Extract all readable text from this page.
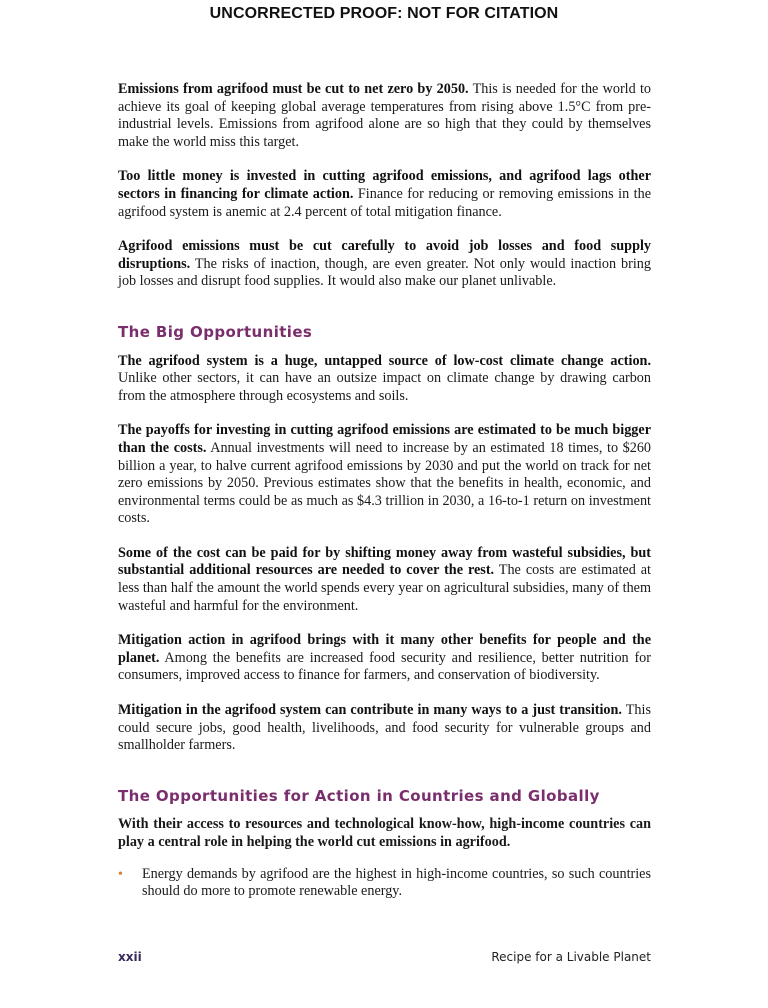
UNCORRECTED PROOF: NOT FOR CITATION

Emissions from agrifood must be cut to net zero by 2050. This is needed for the world to achieve its goal of keeping global average temperatures from rising above 1.5°C from pre-industrial levels. Emissions from agrifood alone are so high that they could by themselves make the world miss this target.

Too little money is invested in cutting agrifood emissions, and agrifood lags other sectors in financing for climate action. Finance for reducing or removing emissions in the agrifood system is anemic at 2.4 percent of total mitigation finance.

Agrifood emissions must be cut carefully to avoid job losses and food supply disruptions. The risks of inaction, though, are even greater. Not only would inaction bring job losses and disrupt food supplies. It would also make our planet unlivable.

The Big Opportunities

The agrifood system is a huge, untapped source of low-cost climate change action. Unlike other sectors, it can have an outsize impact on climate change by drawing carbon from the atmosphere through ecosystems and soils.

The payoffs for investing in cutting agrifood emissions are estimated to be much bigger than the costs. Annual investments will need to increase by an estimated 18 times, to $260 billion a year, to halve current agrifood emissions by 2030 and put the world on track for net zero emissions by 2050. Previous estimates show that the benefits in health, economic, and environmental terms could be as much as $4.3 trillion in 2030, a 16-to-1 return on investment costs.

Some of the cost can be paid for by shifting money away from wasteful subsidies, but substantial additional resources are needed to cover the rest. The costs are estimated at less than half the amount the world spends every year on agricultural subsidies, many of them wasteful and harmful for the environment.

Mitigation action in agrifood brings with it many other benefits for people and the planet. Among the benefits are increased food security and resilience, better nutrition for consumers, improved access to finance for farmers, and conservation of biodiversity.

Mitigation in the agrifood system can contribute in many ways to a just transition. This could secure jobs, good health, livelihoods, and food security for vulnerable groups and smallholder farmers.

The Opportunities for Action in Countries and Globally

With their access to resources and technological know-how, high-income countries can play a central role in helping the world cut emissions in agrifood.

• Energy demands by agrifood are the highest in high-income countries, so such countries should do more to promote renewable energy.

xxii	Recipe for a Livable Planet
